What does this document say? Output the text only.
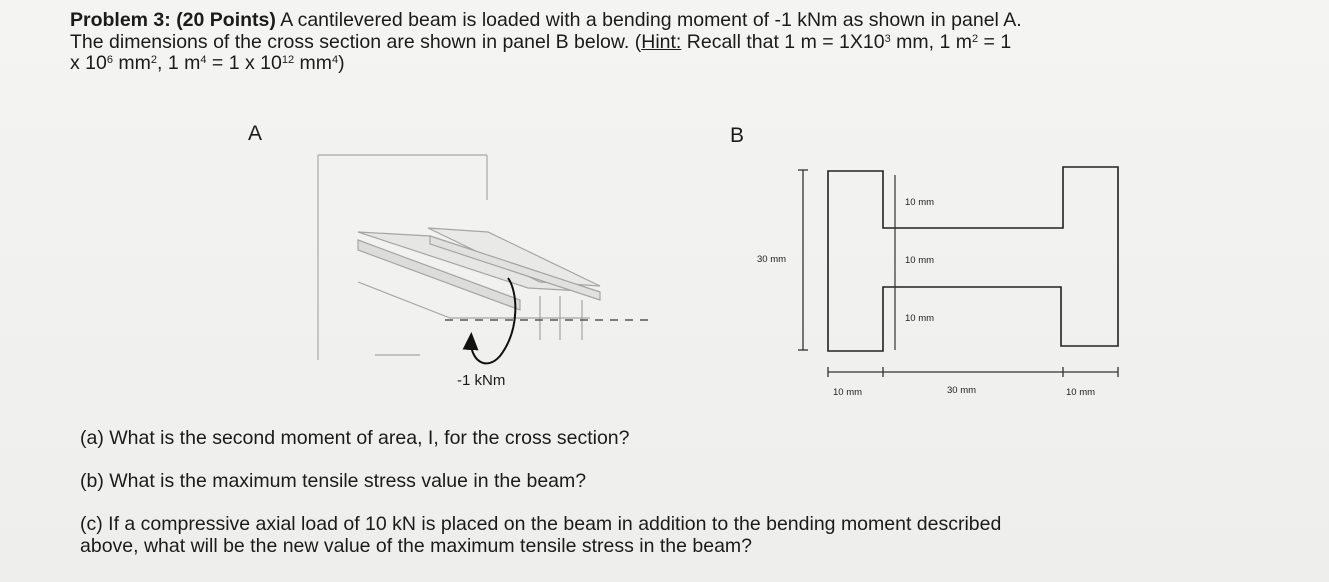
Problem 3: (20 Points) A cantilevered beam is loaded with a bending moment of -1 kNm as shown in panel A.
The dimensions of the cross section are shown in panel B below. (Hint: Recall that 1 $m = 1X10^3$ mm, 1 $m^2 = 1$
x $10^6$ $mm^2$, 1 $m^4 = 1$ x $10^{12}$ $mm^4$)
A	B
-1 kNm
30 mm
10 mm
10 mm
10 mm
10 mm	30 mm	10 mm
(a) What is the second moment of area, I, for the cross section?
(b) What is the maximum tensile stress value in the beam?
(c) If a compressive axial load of 10 kN is placed on the beam in addition to the bending moment described
above, what will be the new value of the maximum tensile stress in the beam?
